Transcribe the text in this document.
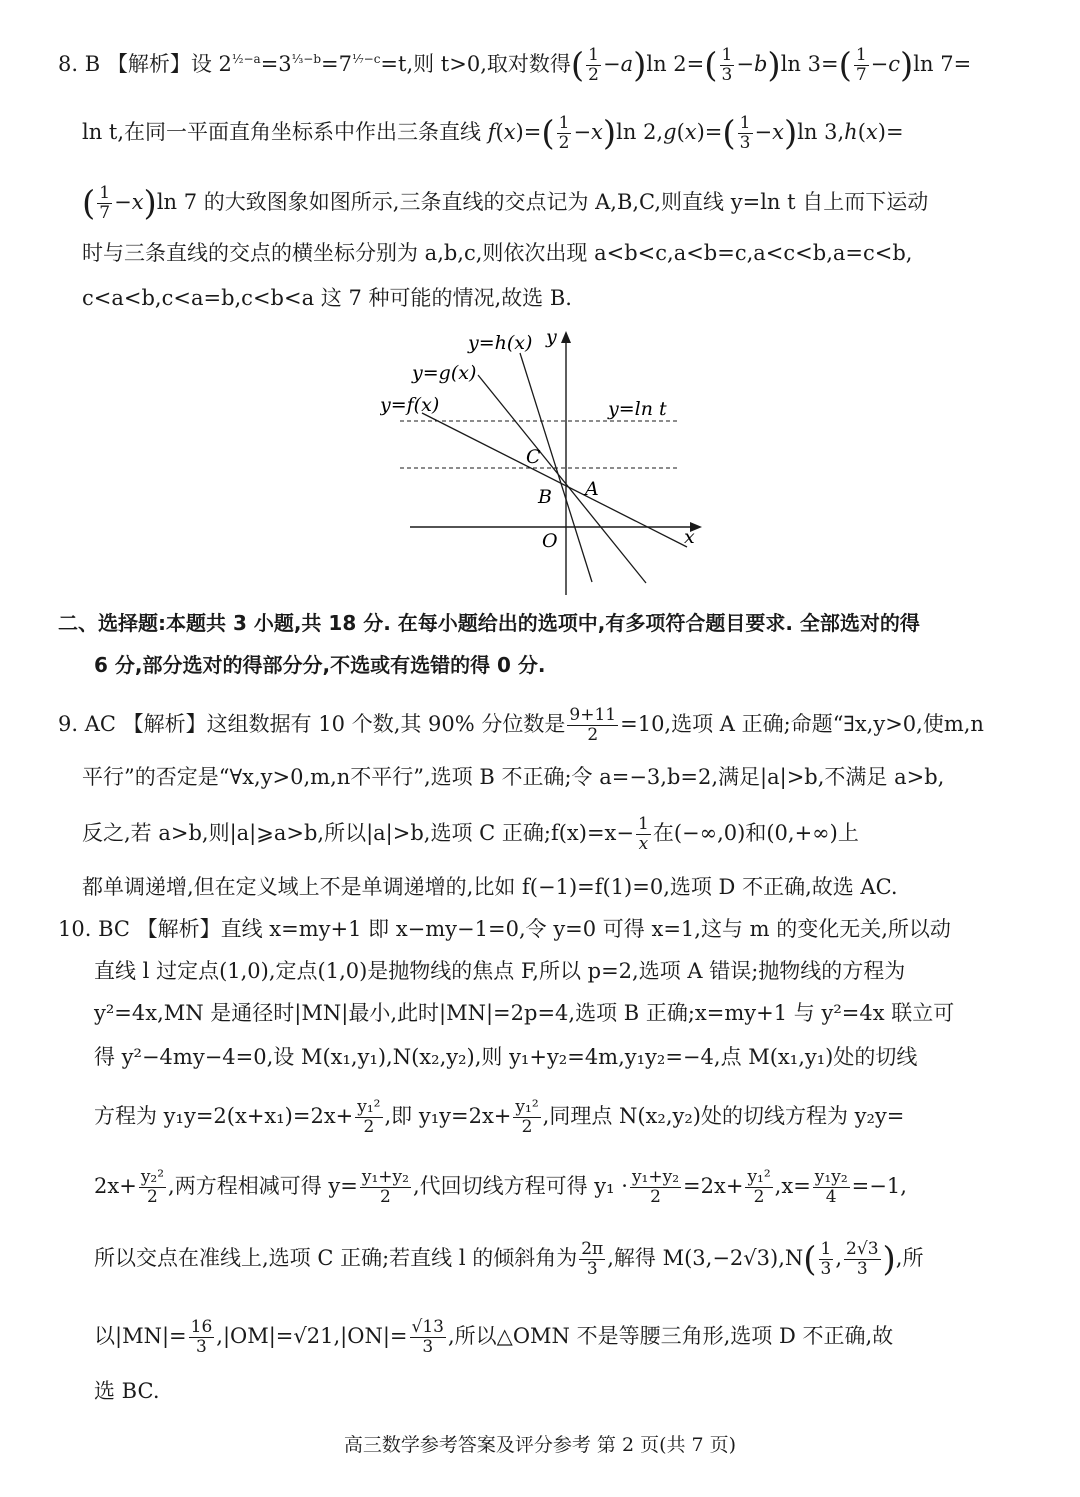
8. B 【解析】设 $2^{\frac{1}{2}-a}=3^{\frac{1}{3}-b}=7^{⅐-c}=t$,则 t>0,取对数得( $\frac{1}{2} -a)\ln$ $2=( \frac{1}{3} -b)\ln$ $3=( \frac{1}{7} -c)\ln$ 7=
ln t,在同一平面直角坐标系中作出三条直线 $f(x)=( \frac{1}{2} -x)\ln$ $2,g(x)=( \frac{1}{3} -x)\ln$ 3,h(x)=
( $\frac{1}{7} -x)\ln$ 7 的大致图象如图所示,三条直线的交点记为 A,B,C,则直线 y=ln t 自上而下运动
时与三条直线的交点的横坐标分别为 a,b,c,则依次出现 a<b<c,a<b=c,a<c<b,a=c<b,
c<a<b,c<a=b,c<b<a 这 7 种可能的情况,故选 B.
y=h(x)
y=g(x)
y=f(x)	y=ln t
y
x
O
A
B
C
二、选择题:本题共 3 小题,共 18 分. 在每小题给出的选项中,有多项符合题目要求. 全部选对的得
6 分,部分选对的得部分分,不选或有选错的得 0 分.
9. AC 【解析】这组数据有 10 个数,其 90% 分位数是 $\frac{9+11}{2} =10$,选项 A 正确;命题“∃x,y>0,使m,n
平行”的否定是“∀x,y>0,m,n不平行”,选项 B 不正确;令 a=−3,b=2,满足|a|>b,不满足 a>b,
反之,若 a>b,则|a|⩾a>b,所以|a|>b,选项 C 正确;f(x)=x− $\frac{1}{x}$ 在(−∞,0)和(0,+∞)上
都单调递增,但在定义域上不是单调递增的,比如 f(−1)=f(1)=0,选项 D 不正确,故选 AC.
10. BC 【解析】直线 x=my+1 即 x−my−1=0,令 y=0 可得 x=1,这与 m 的变化无关,所以动
直线 l 过定点(1,0),定点(1,0)是抛物线的焦点 F,所以 p=2,选项 A 错误;抛物线的方程为
y²=4x,MN 是通径时|MN|最小,此时|MN|=2p=4,选项 B 正确;x=my+1 与 y²=4x 联立可
得 y²−4my−4=0,设 M(x₁,y₁),N(x₂,y₂),则 y₁+y₂=4m,y₁y₂=−4,点 M(x₁,y₁)处的切线
方程为 $y_1y=2(x+x_1)=2x+ \frac{\text{y₁²}}{2}$ ,即 $y_1y=2x+ \frac{\text{y₁²}}{2}$ ,同理点 N(x₂,y₂)处的切线方程为 y₂y=
$2x+ \frac{\text{y₂²}}{2}$ ,两方程相减可得 $y= \frac{\text{y₁+y₂}}{2}$ ,代回切线方程可得 $y_1 \cdot \frac{\text{y₁+y₂}}{2} =2x+ \frac{\text{y₁²}}{2} ,x= \frac{\text{y₁y₂}}{4} =-1$,
所以交点在准线上,选项 C 正确;若直线 l 的倾斜角为 $\frac{2\pi}{3}$ ,解得 $M(3,-2√3),N( \frac{1}{3}$ , $\frac{2√3}{3}$ ),所
以$|MN|= \frac{16}{3} ,|OM|=√21,|ON|= \frac{√13}{3}$ ,所以△OMN 不是等腰三角形,选项 D 不正确,故
选 BC.
高三数学参考答案及评分参考 第 2 页(共 7 页)
